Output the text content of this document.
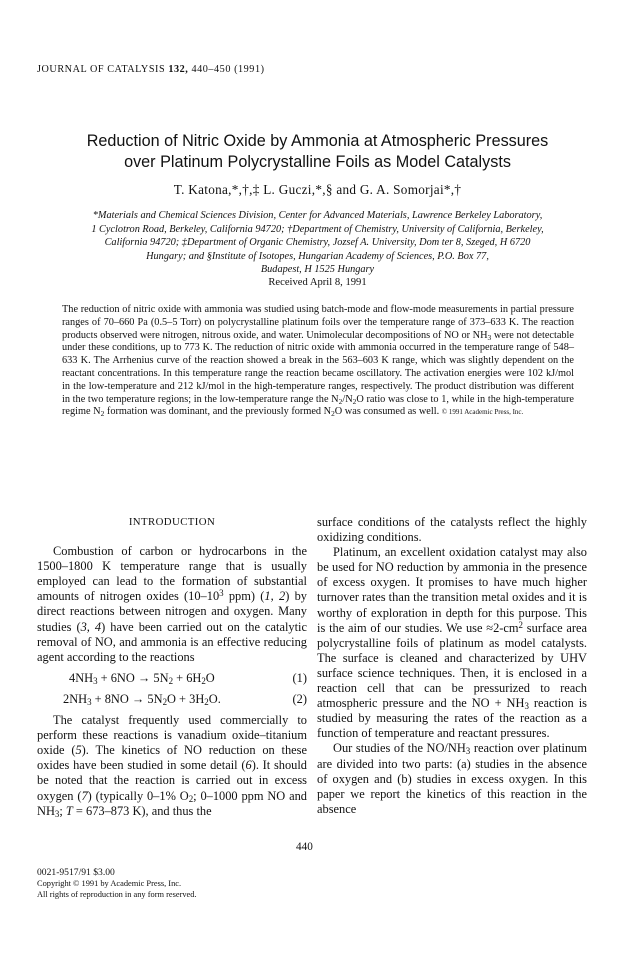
JOURNAL OF CATALYSIS 132, 440–450 (1991)
Reduction of Nitric Oxide by Ammonia at Atmospheric Pressures
over Platinum Polycrystalline Foils as Model Catalysts
T. Katona,*,†,‡ L. Guczi,*,§ and G. A. Somorjai*,†
*Materials and Chemical Sciences Division, Center for Advanced Materials, Lawrence Berkeley Laboratory,
1 Cyclotron Road, Berkeley, California 94720; †Department of Chemistry, University of California, Berkeley,
California 94720; ‡Department of Organic Chemistry, Jozsef A. University, Dom ter 8, Szeged, H 6720
Hungary; and §Institute of Isotopes, Hungarian Academy of Sciences, P.O. Box 77,
Budapest, H 1525 Hungary
Received April 8, 1991
The reduction of nitric oxide with ammonia was studied using batch-mode and flow-mode measurements in partial pressure ranges of 70–660 Pa (0.5–5 Torr) on polycrystalline platinum foils over the temperature range of 373–633 K. The reaction products observed were nitrogen, nitrous oxide, and water. Unimolecular decompositions of NO or $NH_3$ were not detectable under these conditions, up to 773 K. The reduction of nitric oxide with ammonia occurred in the temperature range of 548–633 K. The Arrhenius curve of the reaction showed a break in the 563–603 K range, which was slightly dependent on the reactant concentrations. In this temperature range the reaction became oscillatory. The activation energies were 102 kJ/mol in the low-temperature and 212 kJ/mol in the high-temperature ranges, respectively. The product distribution was different in the two temperature regions; in the low-temperature range the $N_2/N_2O$ ratio was close to 1, while in the high-temperature regime $N_2$ formation was dominant, and the previously formed $N_2O$ was consumed as well. © 1991 Academic Press, Inc.
INTRODUCTION

Combustion of carbon or hydrocarbons in the 1500–1800 K temperature range that is usually employed can lead to the formation of substantial amounts of nitrogen oxides ($10-10^3$ ppm) (1, 2) by direct reactions between nitrogen and oxygen. Many studies (3, 4) have been carried out on the catalytic removal of NO, and ammonia is an effective reducing agent according to the reactions

$4NH_3 + 6NO \to 5N_2 + 6H_2O$	(1)
$2NH_3 + 8NO \to 5N_2O + 3H_2O$.	(2)

The catalyst frequently used commercially to perform these reactions is vanadium oxide–titanium oxide (5). The kinetics of NO reduction on these oxides have been studied in some detail (6). It should be noted that the reaction is carried out in excess oxygen (7) (typically 0–1% $O_2$; 0–1000 ppm NO and $NH_3$; T = 673–873 K), and thus the

surface conditions of the catalysts reflect the highly oxidizing conditions.

Platinum, an excellent oxidation catalyst may also be used for NO reduction by ammonia in the presence of excess oxygen. It promises to have much higher turnover rates than the transition metal oxides and it is worthy of exploration in depth for this purpose. This is the aim of our studies. We use $\approx 2-cm^2$ surface area polycrystalline foils of platinum as model catalysts. The surface is cleaned and characterized by UHV surface science techniques. Then, it is enclosed in a reaction cell that can be pressurized to reach atmospheric pressure and the NO + $NH_3$ reaction is studied by measuring the rates of the reaction as a function of temperature and reactant pressures.

Our studies of the $NO/NH_3$ reaction over platinum are divided into two parts: (a) studies in the absence of oxygen and (b) studies in excess oxygen. In this paper we report the kinetics of this reaction in the absence

440
0021-9517/91 $3.00
Copyright © 1991 by Academic Press, Inc.
All rights of reproduction in any form reserved.
